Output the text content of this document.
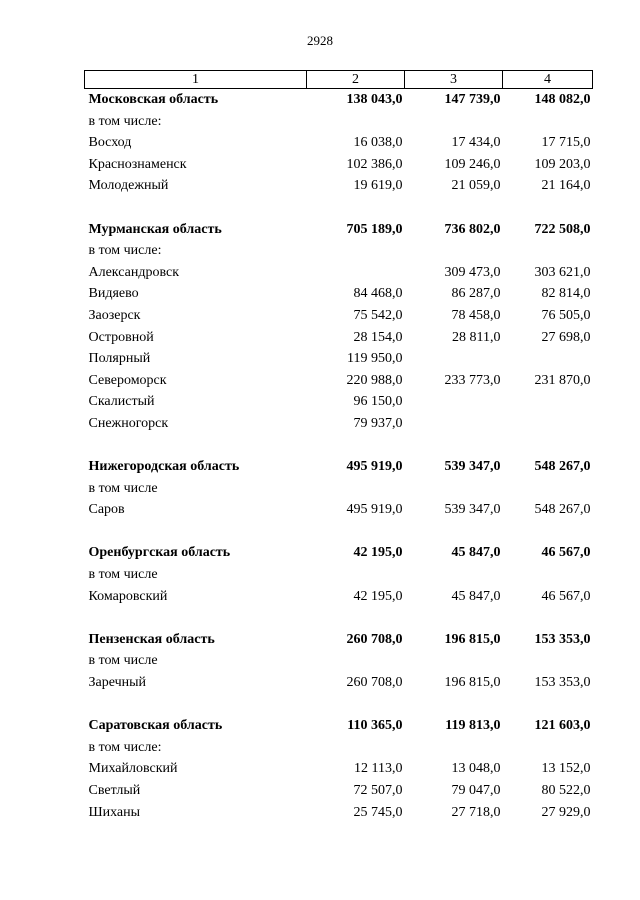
2928
1	2	3	4
Московская область	138 043,0	147 739,0	148 082,0
в том числе:			
Восход	16 038,0	17 434,0	17 715,0
Краснознаменск	102 386,0	109 246,0	109 203,0
Молодежный	19 619,0	21 059,0	21 164,0

Мурманская область	705 189,0	736 802,0	722 508,0
в том числе:			
Александровск		309 473,0	303 621,0
Видяево	84 468,0	86 287,0	82 814,0
Заозерск	75 542,0	78 458,0	76 505,0
Островной	28 154,0	28 811,0	27 698,0
Полярный	119 950,0		
Североморск	220 988,0	233 773,0	231 870,0
Скалистый	96 150,0		
Снежногорск	79 937,0		

Нижегородская область	495 919,0	539 347,0	548 267,0
в том числе			
Саров	495 919,0	539 347,0	548 267,0

Оренбургская область	42 195,0	45 847,0	46 567,0
в том числе			
Комаровский	42 195,0	45 847,0	46 567,0

Пензенская область	260 708,0	196 815,0	153 353,0
в том числе			
Заречный	260 708,0	196 815,0	153 353,0

Саратовская область	110 365,0	119 813,0	121 603,0
в том числе:			
Михайловский	12 113,0	13 048,0	13 152,0
Светлый	72 507,0	79 047,0	80 522,0
Шиханы	25 745,0	27 718,0	27 929,0
